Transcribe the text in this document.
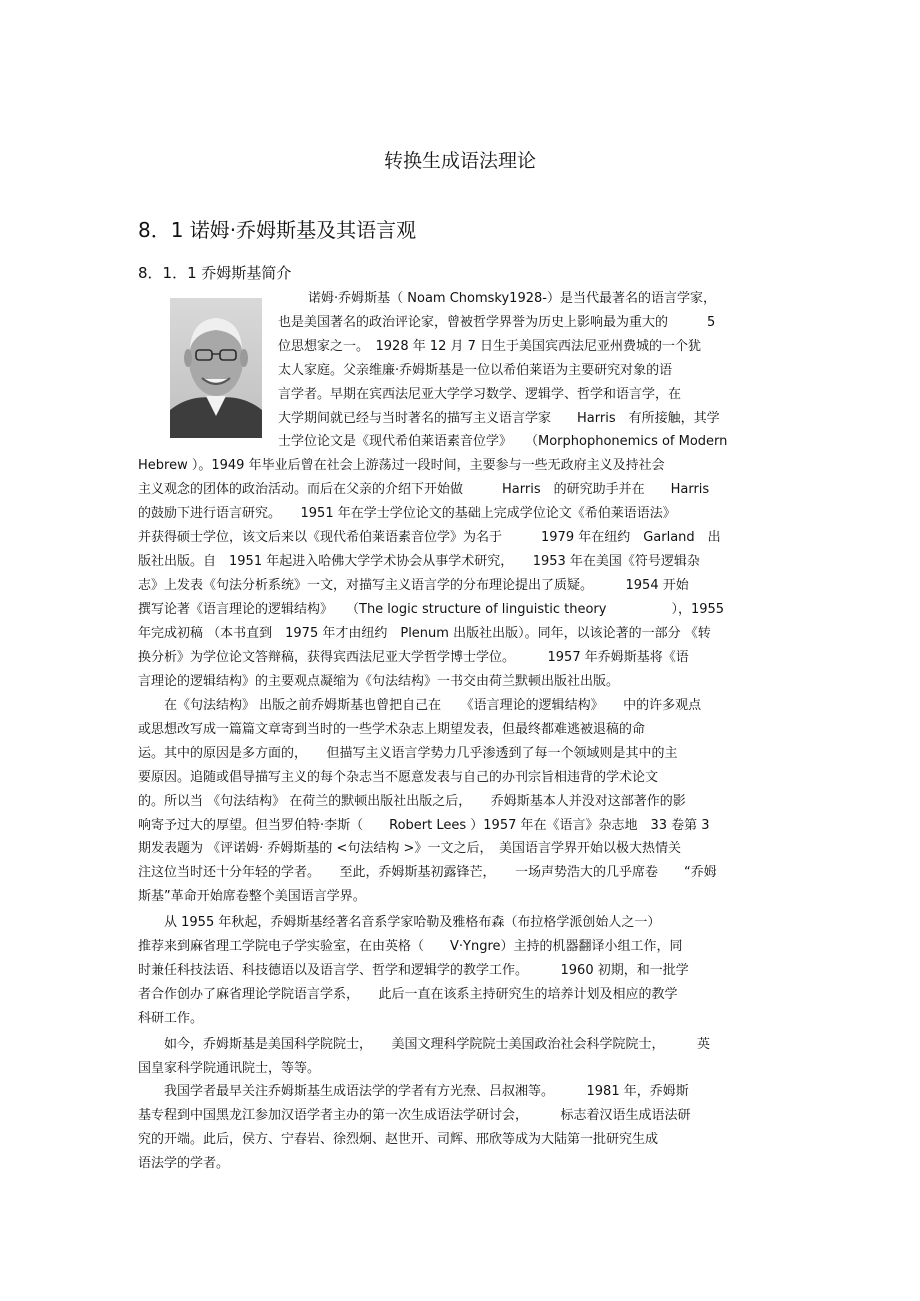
转换生成语法理论
8．1 诺姆·乔姆斯基及其语言观
8．1．1 乔姆斯基简介
诺姆·乔姆斯基（ Noam Chomsky1928-）是当代最著名的语言学家，
也是美国著名的政治评论家，曾被哲学界誉为历史上影响最为重大的　　　5
位思想家之一。　1928 年 12 月 7 日生于美国宾西法尼亚州费城的一个犹
太人家庭。父亲维廉·乔姆斯基是一位以希伯莱语为主要研究对象的语
言学者。早期在宾西法尼亚大学学习数学、逻辑学、哲学和语言学，在
大学期间就已经与当时著名的描写主义语言学家　　Harris　有所接触，其学
士学位论文是《现代希伯莱语素音位学》　　（Morphophonemics of Modern
Hebrew ）。1949 年毕业后曾在社会上游荡过一段时间，主要参与一些无政府主义及持社会
主义观念的团体的政治活动。而后在父亲的介绍下开始做　　　Harris　的研究助手并在　　Harris
的鼓励下进行语言研究。　　1951 年在学士学位论文的基础上完成学位论文《希伯莱语语法》
并获得硕士学位，该文后来以《现代希伯莱语素音位学》为名于　　　1979 年在纽约　Garland　出
版社出版。自　1951 年起进入哈佛大学学术协会从事学术研究，　　1953 年在美国《符号逻辑杂
志》上发表《句法分析系统》一文，对描写主义语言学的分布理论提出了质疑。　　　1954 开始
撰写论著《语言理论的逻辑结构》　　（The logic structure of linguistic theory　　　　　），1955
年完成初稿 （本书直到　1975 年才由纽约　Plenum 出版社出版）。同年，以该论著的一部分 《转
换分析》为学位论文答辩稿，获得宾西法尼亚大学哲学博士学位。　　　1957 年乔姆斯基将《语
言理论的逻辑结构》的主要观点凝缩为《句法结构》一书交由荷兰默顿出版社出版。
　　在《句法结构》 出版之前乔姆斯基也曾把自己在　　《语言理论的逻辑结构》　　中的许多观点
或思想改写成一篇篇文章寄到当时的一些学术杂志上期望发表，但最终都难逃被退稿的命
运。其中的原因是多方面的，　　但描写主义语言学势力几乎渗透到了每一个领域则是其中的主
要原因。追随或倡导描写主义的每个杂志当不愿意发表与自己的办刊宗旨相违背的学术论文
的。所以当 《句法结构》 在荷兰的默顿出版社出版之后，　　乔姆斯基本人并没对这部著作的影
响寄予过大的厚望。但当罗伯特·李斯（　　Robert Lees ）1957 年在《语言》杂志地　33 卷第 3
期发表题为 《评诺姆· 乔姆斯基的 <句法结构 >》一文之后，　美国语言学界开始以极大热情关
注这位当时还十分年轻的学者。　　至此，乔姆斯基初露锋芒，　　一场声势浩大的几乎席卷　　“乔姆
斯基”革命开始席卷整个美国语言学界。
　　从 1955 年秋起，乔姆斯基经著名音系学家哈勒及雅格布森（布拉格学派创始人之一）
推荐来到麻省理工学院电子学实验室，在由英格（　　V·Yngre）主持的机器翻译小组工作，同
时兼任科技法语、科技德语以及语言学、哲学和逻辑学的教学工作。　　　1960 初期，和一批学
者合作创办了麻省理论学院语言学系，　　此后一直在该系主持研究生的培养计划及相应的教学
科研工作。
　　如今，乔姆斯基是美国科学院院士，　　美国文理科学院院士美国政治社会科学院院士，　　　英
国皇家科学院通讯院士，等等。
　　我国学者最早关注乔姆斯基生成语法学的学者有方光焘、吕叔湘等。　　　1981 年，乔姆斯
基专程到中国黑龙江参加汉语学者主办的第一次生成语法学研讨会，　　　标志着汉语生成语法研
究的开端。此后，侯方、宁春岩、徐烈炯、赵世开、司辉、邢欣等成为大陆第一批研究生成
语法学的学者。
